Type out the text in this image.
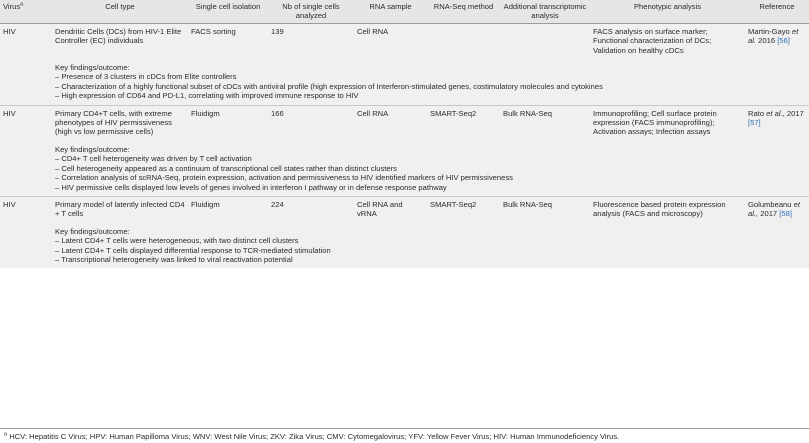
Virus$^a$	Cell type	Single cell isolation	Nb of single cells analyzed	RNA sample	RNA-Seq method	Additional transcriptomic analysis	Phenotypic analysis	Reference
HIV	Dendritic Cells (DCs) from HIV-1 Elite Controller (EC) individuals	FACS sorting	139	Cell RNA			FACS analysis on surface marker; Functional characterization of DCs; Validation on healthy cDCs	Martin-Gayo et al. 2016 [56]

	Key findings/outcome:
– Presence of 3 clusters in cDCs from Elite controllers
– Characterization of a highly functional subset of cDCs with antiviral profile (high expression of Interferon-stimulated genes, costimulatory molecules and cytokines
– High expression of CD64 and PD-L1, correlating with improved immune response to HIV							

HIV	Primary CD4+T cells, with extreme phenotypes of HIV permissiveness (high vs low permissive cells)	Fluidigm	166	Cell RNA	SMART-Seq2	Bulk RNA-Seq	Immunoprofiling; Cell surface protein expression (FACS immunoprofiling); Activation assays; Infection assays	Rato et al., 2017 [57]

	Key findings/outcome:
– CD4+ T cell heterogeneity was driven by T cell activation
– Cell heterogeneity appeared as a continuum of transcriptional cell states rather than distinct clusters
– Correlation analysis of scRNA-Seq, protein expression, activation and permissiveness to HIV identified markers of HIV permissiveness
– HIV permissive cells displayed low levels of genes involved in interferon I pathway or in defense response pathway							

HIV	Primary model of latently infected CD4 + T cells	Fluidigm	224	Cell RNA and vRNA	SMART-Seq2	Bulk RNA-Seq	Fluorescence based protein expression analysis (FACS and microscopy)	Golumbeanu et al., 2017 [58]

	Key findings/outcome:
– Latent CD4+ T cells were heterogeneous, with two distinct cell clusters
– Latent CD4+ T cells displayed differential response to TCR-mediated stimulation
– Transcriptional heterogeneity was linked to viral reactivation potential							
$^a$ HCV: Hepatitis C Virus; HPV: Human Papilloma Virus; WNV: West Nile Virus; ZKV: Zika Virus; CMV: Cytomegalovirus; YFV: Yellow Fever Virus; HIV: Human Immunodeficiency Virus.
